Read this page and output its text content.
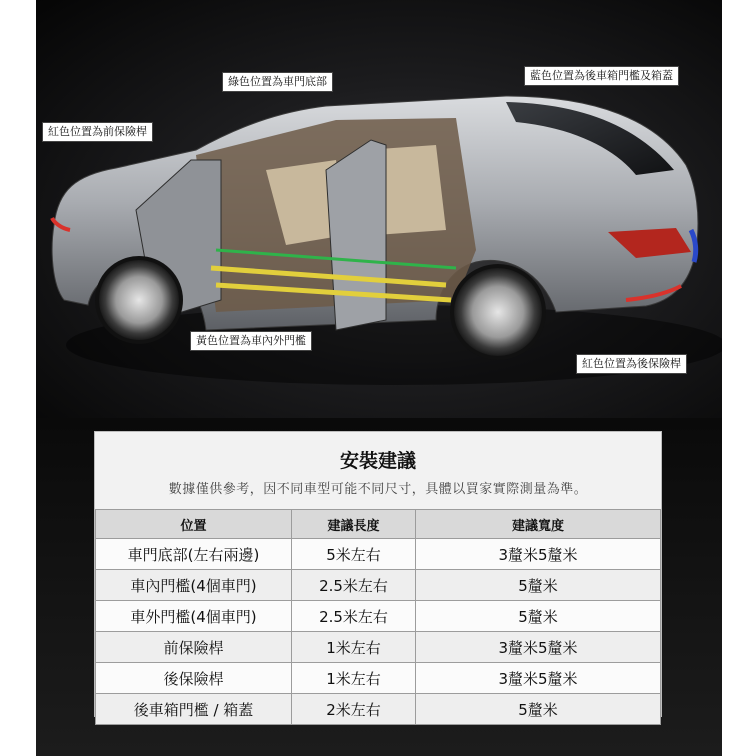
綠色位置為車門底部	藍色位置為後車箱門檻及箱蓋
紅色位置為前保險桿
黃色位置為車內外門檻
紅色位置為後保險桿
安裝建議
數據僅供參考，因不同車型可能不同尺寸，具體以買家實際測量為準。
位置	建議長度	建議寬度
車門底部(左右兩邊)	5米左右	3釐米5釐米
車內門檻(4個車門)	2.5米左右	5釐米
車外門檻(4個車門)	2.5米左右	5釐米
前保險桿	1米左右	3釐米5釐米
後保險桿	1米左右	3釐米5釐米
後車箱門檻 / 箱蓋	2米左右	5釐米
